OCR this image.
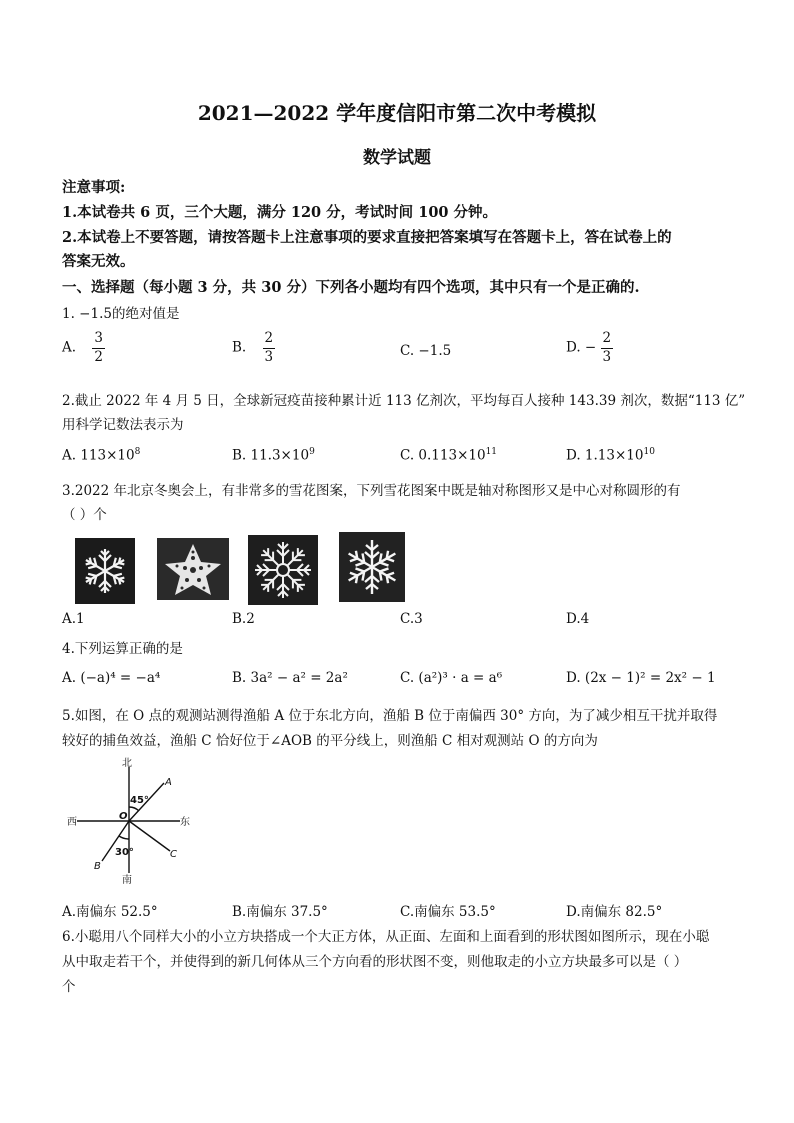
2021—2022 学年度信阳市第二次中考模拟
数学试题
注意事项:
1.本试卷共 6 页，三个大题，满分 120 分，考试时间 100 分钟。
2.本试卷上不要答题，请按答题卡上注意事项的要求直接把答案填写在答题卡上，答在试卷上的
答案无效。
一、选择题（每小题 3 分，共 30 分）下列各小题均有四个选项，其中只有一个是正确的.
1. −1.5的绝对值是
A. $\frac{3}{2}$	B. $\frac{2}{3}$	C. −1.5	D. − $\frac{2}{3}$
2.截止 2022 年 4 月 5 日，全球新冠疫苗接种累计近 113 亿剂次，平均每百人接种 143.39 剂次，数据“113 亿”
用科学记数法表示为
A. $113\times 10^8$	B. $11.3\times 10^9$	C. $0.113\times 10^{11}$	D. $1.13\times 10^{10}$
3.2022 年北京冬奥会上，有非常多的雪花图案，下列雪花图案中既是轴对称图形又是中心对称圆形的有
（ ）个
A.1	B.2	C.3	D.4
4.下列运算正确的是
A. (−a)⁴ = −a⁴	B. 3a² − a² = 2a²	C. (a²)³ · a = a⁶	D. (2x − 1)² = 2x² − 1
5.如图，在 O 点的观测站测得渔船 A 位于东北方向，渔船 B 位于南偏西 30° 方向，为了减少相互干扰并取得
较好的捕鱼效益，渔船 C 恰好位于∠AOB 的平分线上，则渔船 C 相对观测站 O 的方向为
北
西	东
南
45°
30°
O
A
B
C
A.南偏东 52.5°	B.南偏东 37.5°	C.南偏东 53.5°	D.南偏东 82.5°
6.小聪用八个同样大小的小立方块搭成一个大正方体，从正面、左面和上面看到的形状图如图所示，现在小聪
从中取走若干个，并使得到的新几何体从三个方向看的形状图不变，则他取走的小立方块最多可以是（ ）
个
